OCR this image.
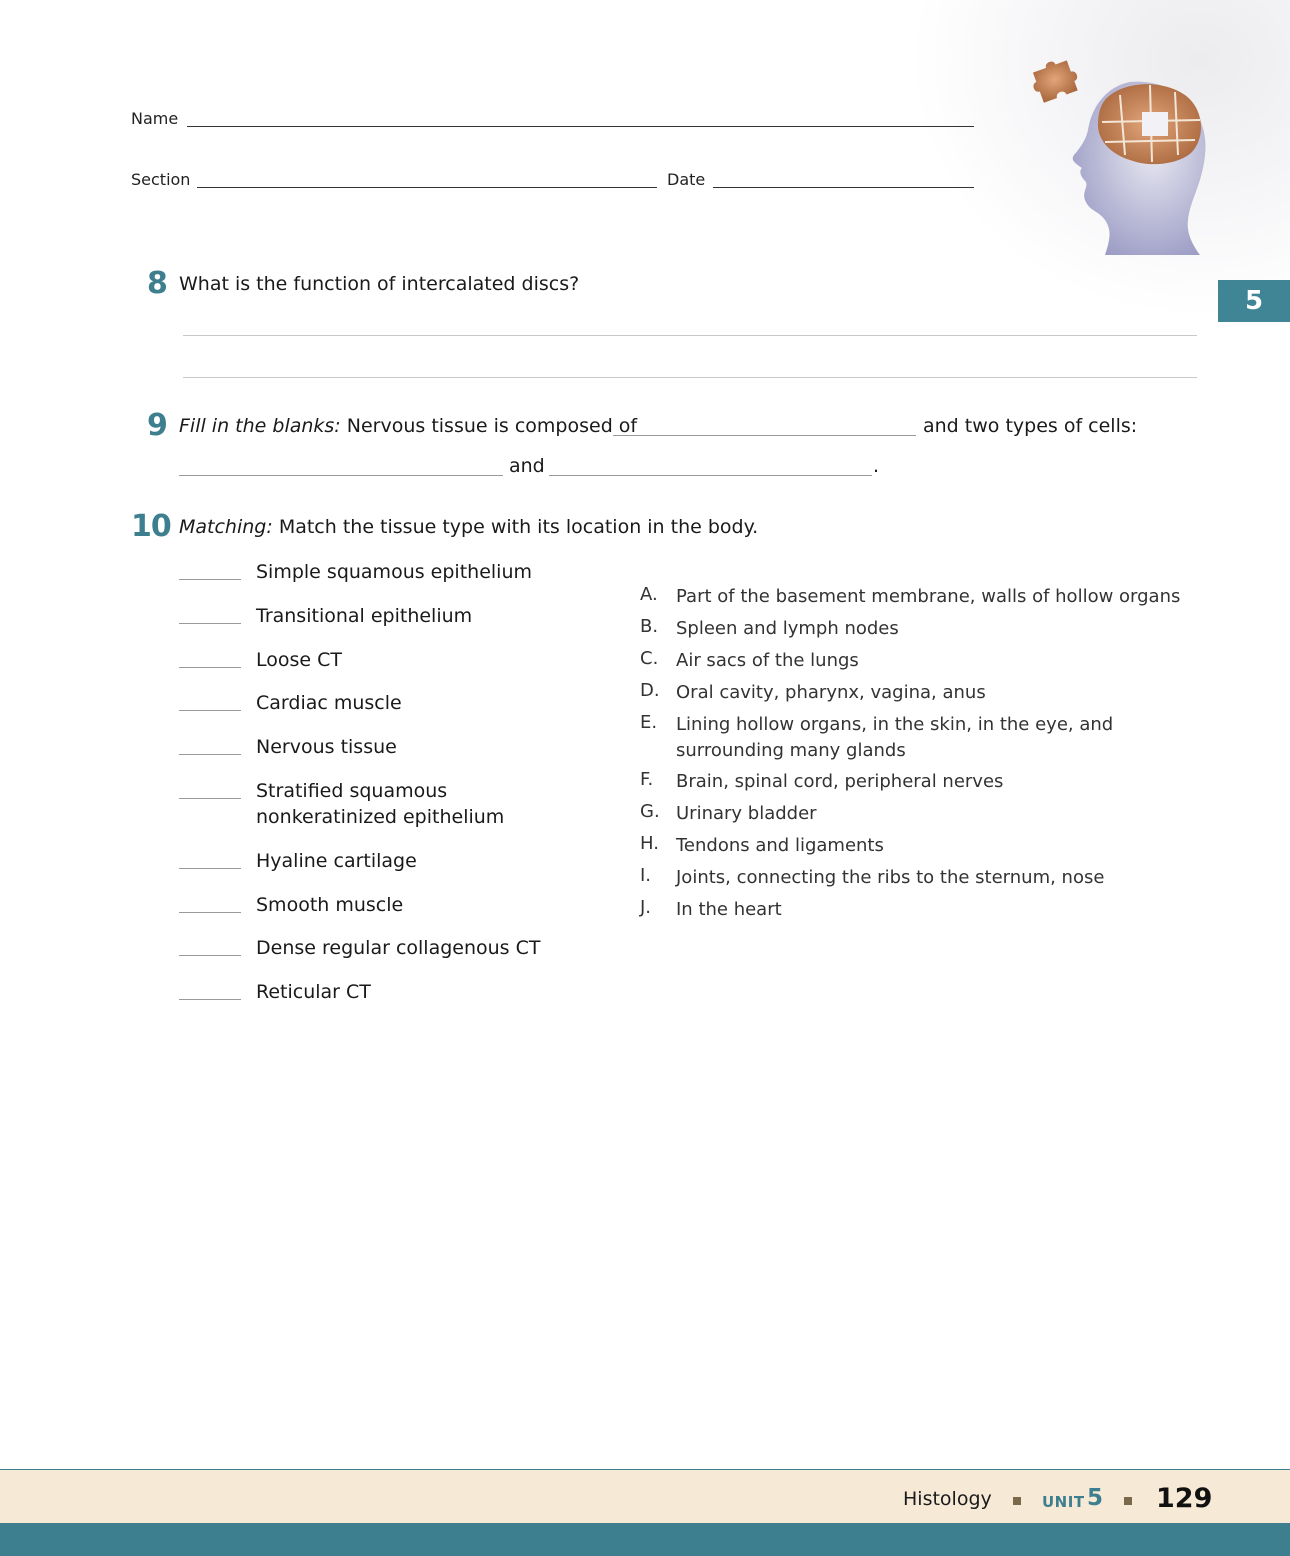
Name
Section	Date
5
8 What is the function of intercalated discs?
9 Fill in the blanks: Nervous tissue is composed of	and two types of cells:
and	.
10 Matching: Match the tissue type with its location in the body.
Simple squamous epithelium
Transitional epithelium
Loose CT
Cardiac muscle
Nervous tissue
Stratified squamous
nonkeratinized epithelium
Hyaline cartilage
Smooth muscle
Dense regular collagenous CT
Reticular CT
A. Part of the basement membrane, walls of hollow organs
B. Spleen and lymph nodes
C. Air sacs of the lungs
D. Oral cavity, pharynx, vagina, anus
E. Lining hollow organs, in the skin, in the eye, and surrounding many glands
F. Brain, spinal cord, peripheral nerves
G. Urinary bladder
H. Tendons and ligaments
I. Joints, connecting the ribs to the sternum, nose
J. In the heart
Histology	UNIT 5 129
